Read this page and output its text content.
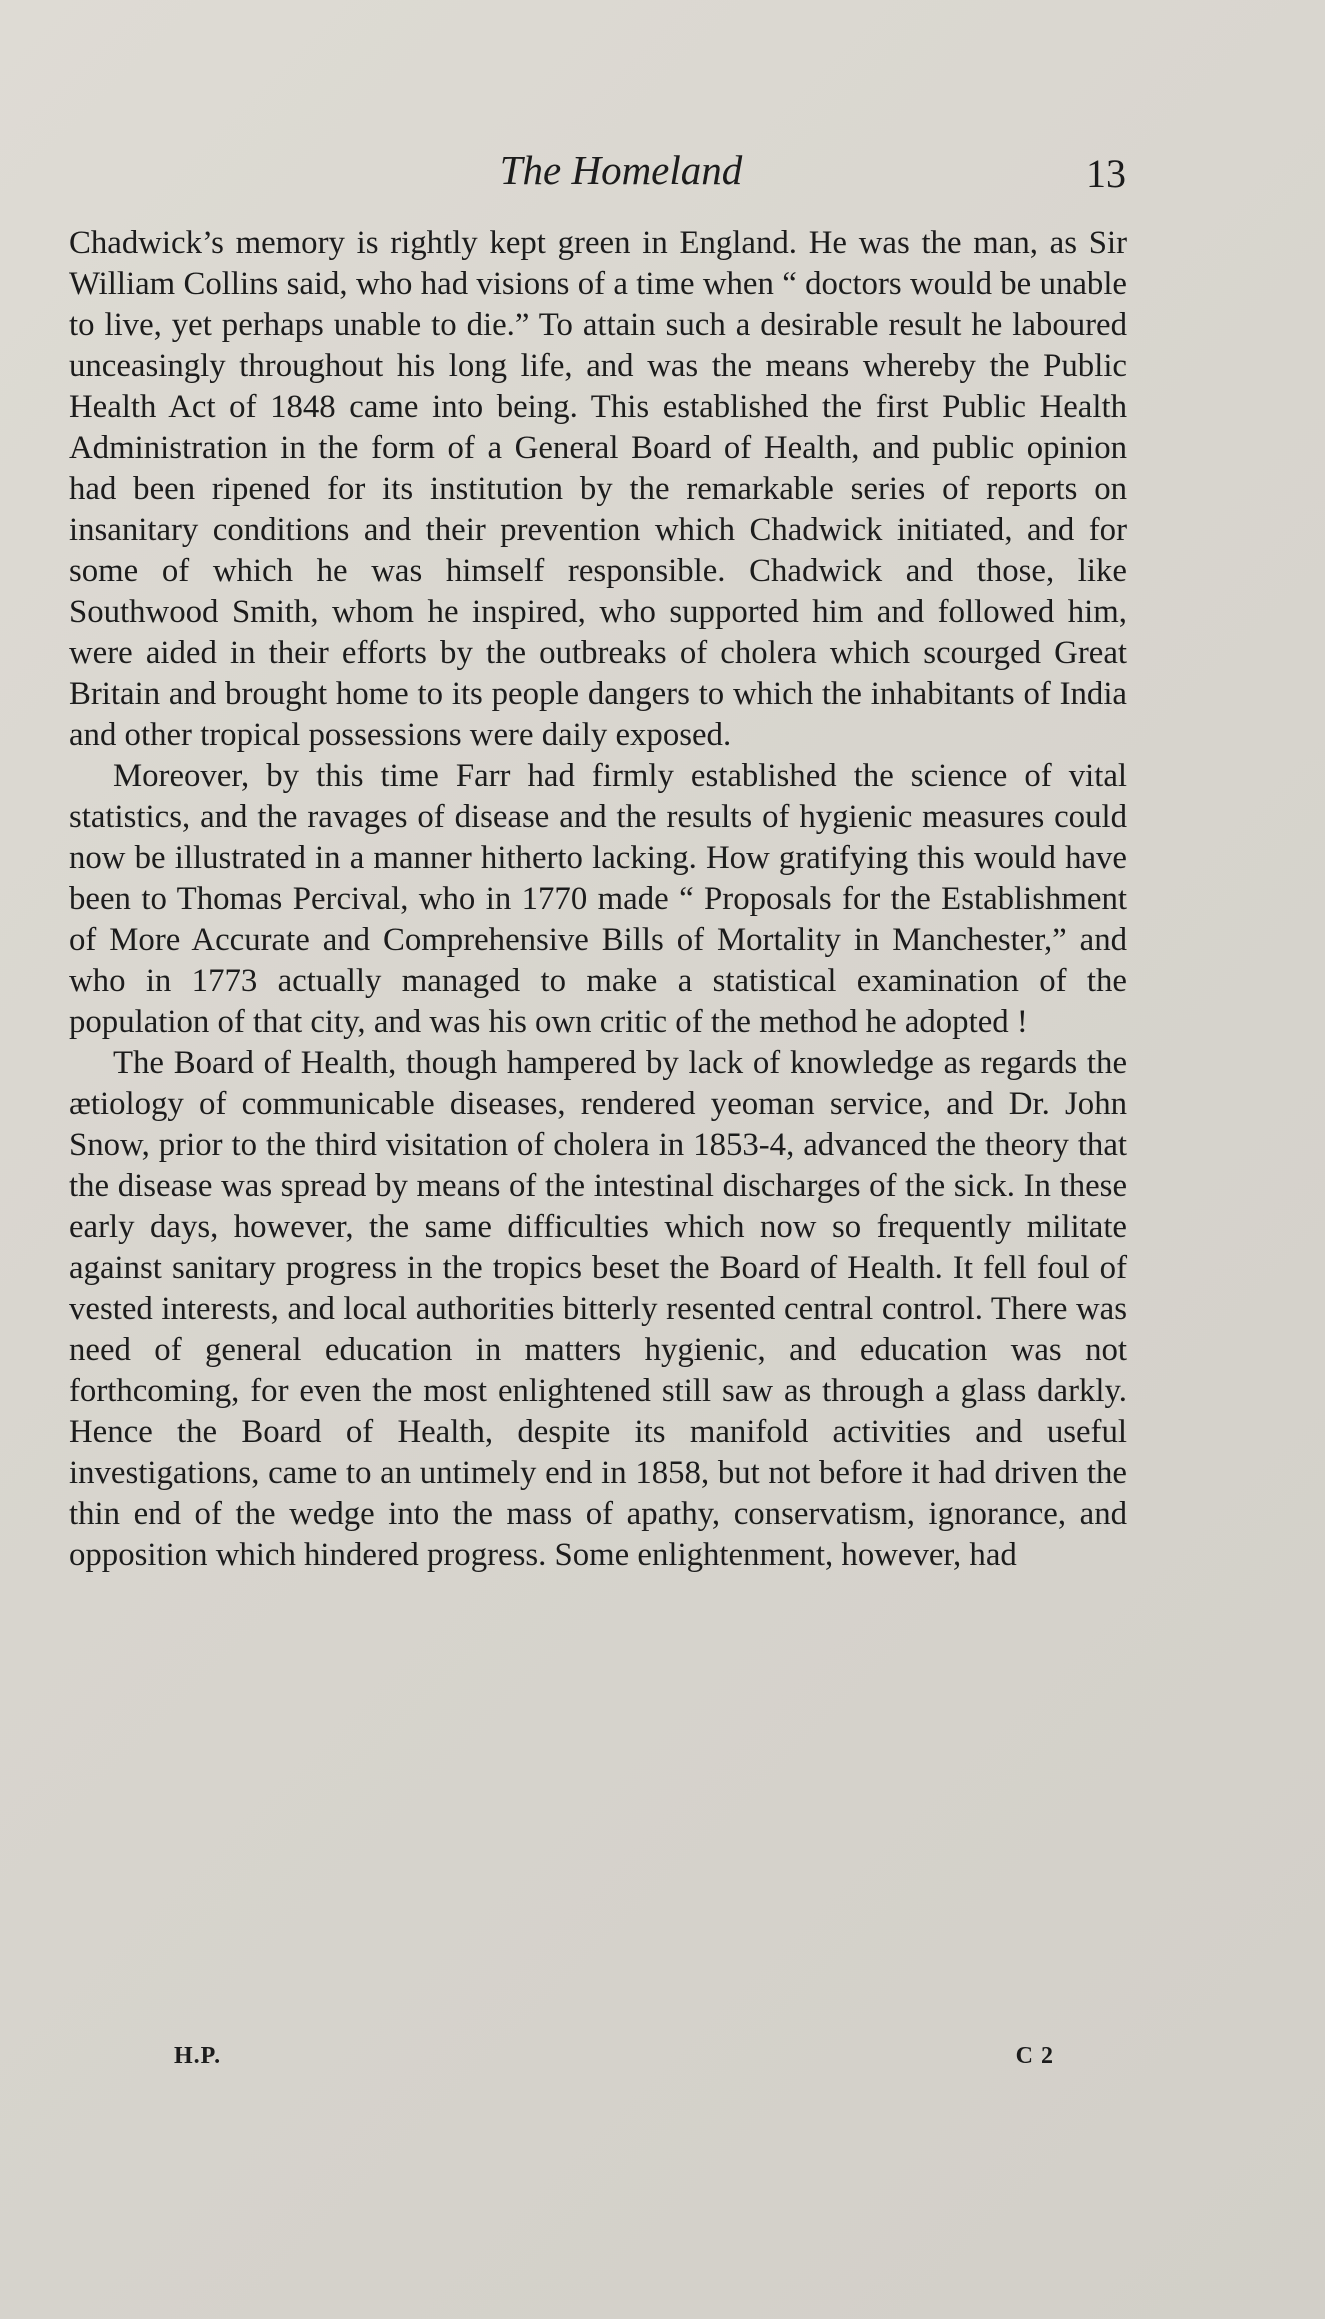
The Homeland	13

Chadwick’s memory is rightly kept green in England. He was the man, as Sir William Collins said, who had visions of a time when “ doctors would be unable to live, yet perhaps unable to die.” To attain such a desirable result he laboured unceasingly throughout his long life, and was the means whereby the Public Health Act of 1848 came into being. This established the first Public Health Administration in the form of a General Board of Health, and public opinion had been ripened for its institution by the remarkable series of reports on insanitary conditions and their prevention which Chadwick initiated, and for some of which he was himself responsible. Chadwick and those, like Southwood Smith, whom he inspired, who supported him and followed him, were aided in their efforts by the outbreaks of cholera which scourged Great Britain and brought home to its people dangers to which the inhabitants of India and other tropical possessions were daily exposed.

Moreover, by this time Farr had firmly established the science of vital statistics, and the ravages of disease and the results of hygienic measures could now be illustrated in a manner hitherto lacking. How gratifying this would have been to Thomas Percival, who in 1770 made “ Proposals for the Establishment of More Accurate and Comprehensive Bills of Mortality in Manchester,” and who in 1773 actually managed to make a statistical examination of the population of that city, and was his own critic of the method he adopted !

The Board of Health, though hampered by lack of knowledge as regards the ætiology of communicable diseases, rendered yeoman service, and Dr. John Snow, prior to the third visitation of cholera in 1853-4, advanced the theory that the disease was spread by means of the intestinal discharges of the sick. In these early days, however, the same difficulties which now so frequently militate against sanitary progress in the tropics beset the Board of Health. It fell foul of vested interests, and local authorities bitterly resented central control. There was need of general education in matters hygienic, and education was not forthcoming, for even the most enlightened still saw as through a glass darkly. Hence the Board of Health, despite its manifold activities and useful investigations, came to an untimely end in 1858, but not before it had driven the thin end of the wedge into the mass of apathy, conservatism, ignorance, and opposition which hindered progress. Some enlightenment, however, had

H.P.	C 2
